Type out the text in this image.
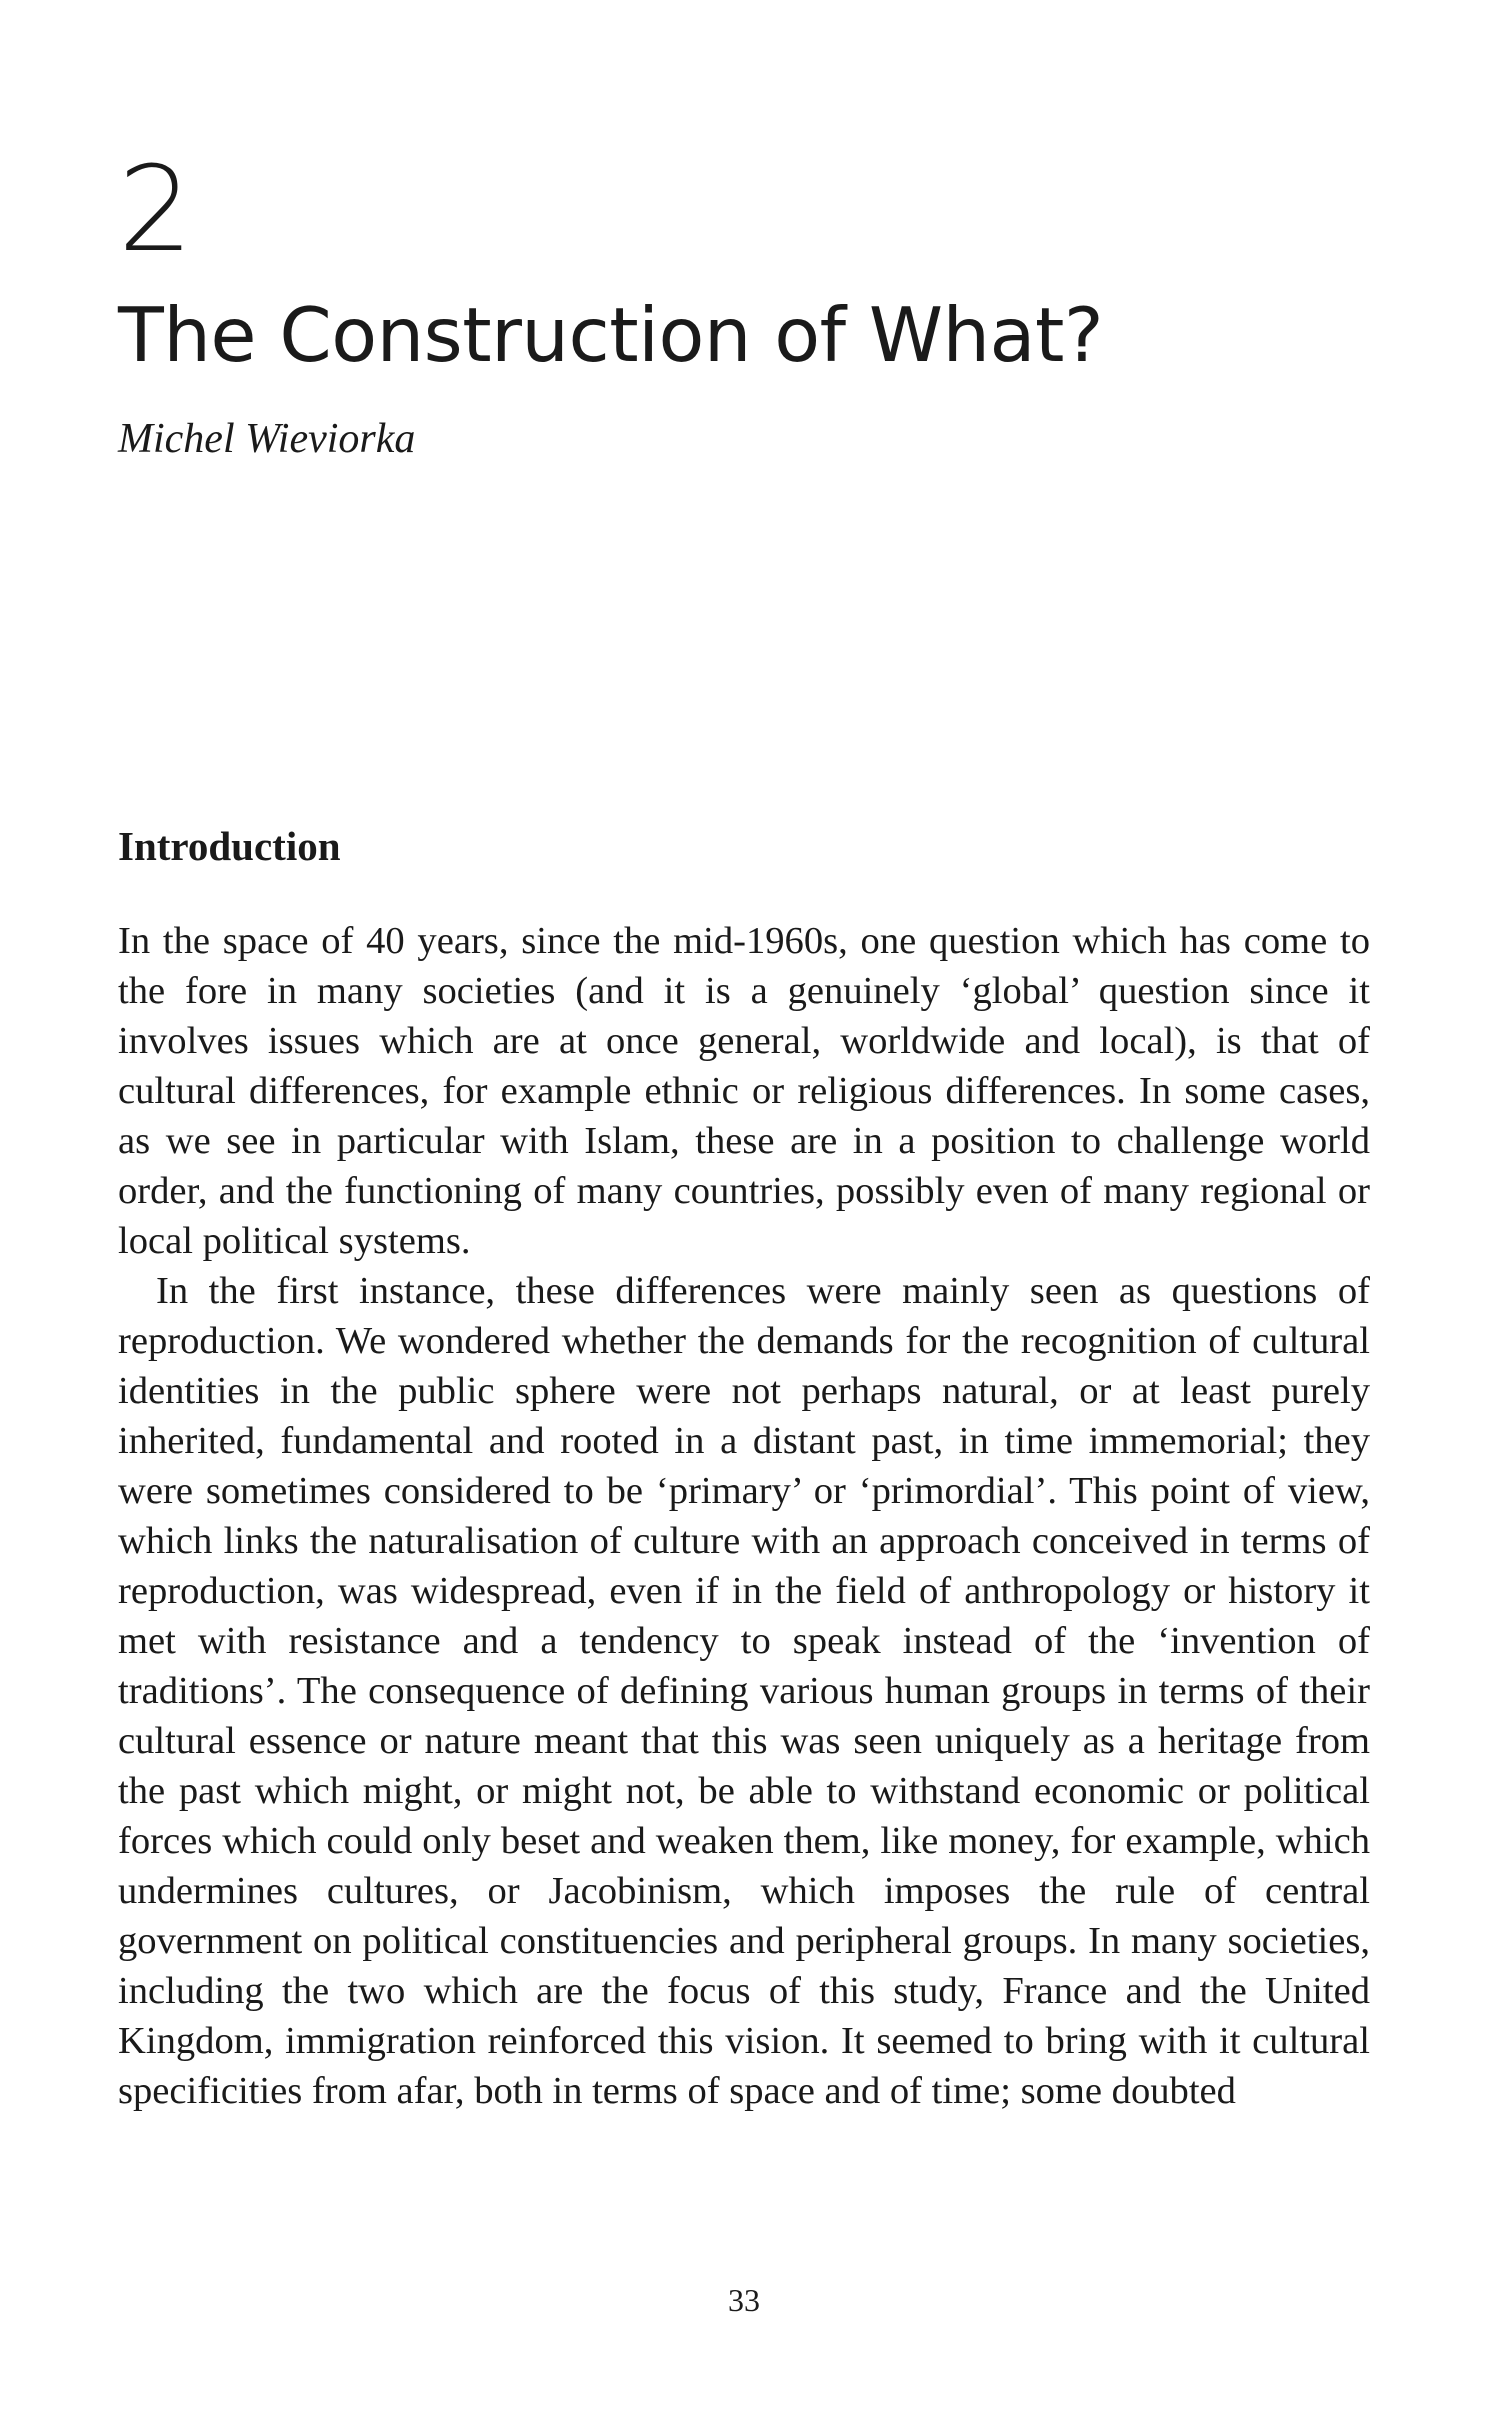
2
The Construction of What?
Michel Wieviorka
Introduction

In the space of 40 years, since the mid-1960s, one question which has come to the fore in many societies (and it is a genuinely ‘global’ question since it involves issues which are at once general, worldwide and local), is that of cultural differences, for example ethnic or religious differences. In some cases, as we see in particular with Islam, these are in a position to challenge world order, and the functioning of many countries, possibly even of many regional or local political systems.

In the first instance, these differences were mainly seen as questions of reproduction. We wondered whether the demands for the recognition of cultural identities in the public sphere were not perhaps natural, or at least purely inherited, fundamental and rooted in a distant past, in time immemorial; they were sometimes considered to be ‘primary’ or ‘primordial’. This point of view, which links the naturalisation of culture with an approach conceived in terms of reproduction, was widespread, even if in the field of anthropology or history it met with resistance and a tendency to speak instead of the ‘invention of traditions’. The consequence of defining various human groups in terms of their cultural essence or nature meant that this was seen uniquely as a heritage from the past which might, or might not, be able to withstand economic or political forces which could only beset and weaken them, like money, for example, which undermines cultures, or Jacobinism, which imposes the rule of central government on political constituencies and peripheral groups. In many societies, including the two which are the focus of this study, France and the United Kingdom, immigration reinforced this vision. It seemed to bring with it cultural specificities from afar, both in terms of space and of time; some doubted

33
